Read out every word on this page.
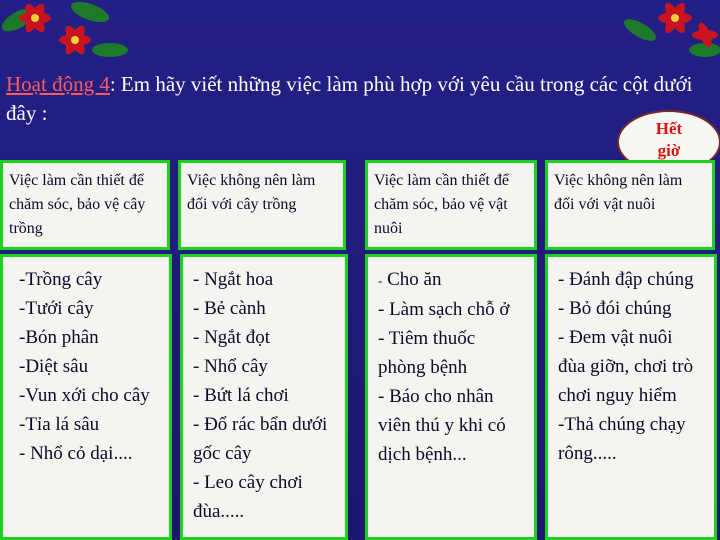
Hoạt động 4: Em hãy viết những việc làm phù hợp với yêu cầu trong các cột dưới đây :
Hết
giờ
Việc làm cần thiết để chăm sóc, bảo vệ cây trồng
Việc không nên làm đối với cây trồng
Việc làm cần thiết để chăm sóc, bảo vệ vật nuôi
Việc không nên làm đối với vật nuôi
-Trồng cây
-Tưới cây
-Bón phân
-Diệt sâu
-Vun xới cho cây
-Tỉa lá sâu
- Nhổ cỏ dại....
- Ngắt hoa
- Bẻ cành
- Ngắt đọt
- Nhổ cây
- Bứt lá chơi
- Đổ rác bẩn dưới gốc cây
- Leo cây chơi đùa.....
- Cho ăn
- Làm sạch chỗ ở
- Tiêm thuốc phòng bệnh
- Báo cho nhân viên thú y khi có dịch bệnh...
- Đánh đập chúng
- Bỏ đói chúng
- Đem vật nuôi đùa giỡn, chơi trò chơi nguy hiểm
-Thả chúng chạy rông.....
